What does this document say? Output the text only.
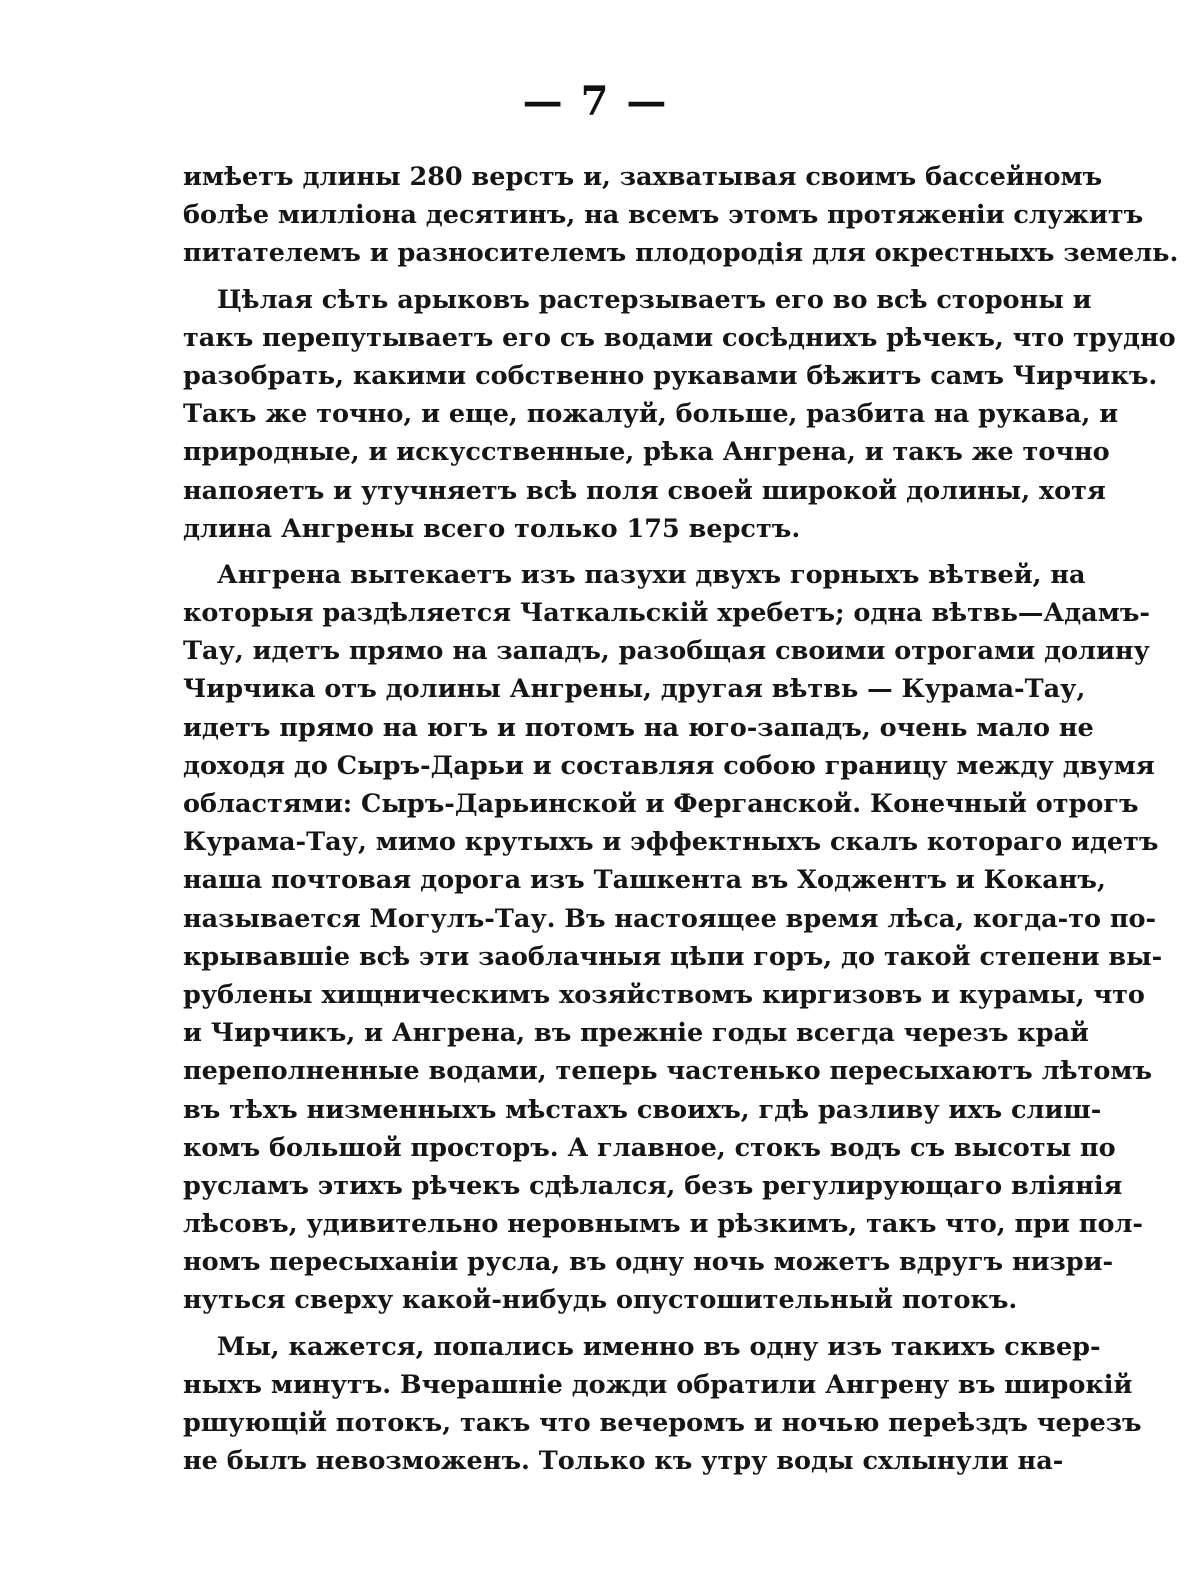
— 7 —
имѣетъ длины 280 верстъ и, захватывая своимъ бассейномъ
болѣе милліона десятинъ, на всемъ этомъ протяженіи служитъ
питателемъ и разносителемъ плодородія для окрестныхъ земель.
Цѣлая сѣть арыковъ растерзываетъ его во всѣ стороны и
такъ перепутываетъ его съ водами сосѣднихъ рѣчекъ, что трудно
разобрать, какими собственно рукавами бѣжитъ самъ Чирчикъ.
Такъ же точно, и еще, пожалуй, больше, разбита на рукава, и
природные, и искусственные, рѣка Ангрена, и такъ же точно
напояетъ и утучняетъ всѣ поля своей широкой долины, хотя
длина Ангрены всего только 175 верстъ.
Ангрена вытекаетъ изъ пазухи двухъ горныхъ вѣтвей, на
которыя раздѣляется Чаткальскій хребетъ; одна вѣтвь—Адамъ-
Тау, идетъ прямо на западъ, разобщая своими отрогами долину
Чирчика отъ долины Ангрены, другая вѣтвь — Курама-Тау,
идетъ прямо на югъ и потомъ на юго-западъ, очень мало не
доходя до Сыръ-Дарьи и составляя собою границу между двумя
областями: Сыръ-Дарьинской и Ферганской. Конечный отрогъ
Курама-Тау, мимо крутыхъ и эффектныхъ скалъ котораго идетъ
наша почтовая дорога изъ Ташкента въ Ходжентъ и Коканъ,
называется Могулъ-Тау. Въ настоящее время лѣса, когда-то по-
крывавшіе всѣ эти заоблачныя цѣпи горъ, до такой степени вы-
рублены хищническимъ хозяйствомъ киргизовъ и курамы, что
и Чирчикъ, и Ангрена, въ прежніе годы всегда черезъ край
переполненные водами, теперь частенько пересыхаютъ лѣтомъ
въ тѣхъ низменныхъ мѣстахъ своихъ, гдѣ разливу ихъ слиш-
комъ большой просторъ. А главное, стокъ водъ съ высоты по
русламъ этихъ рѣчекъ сдѣлался, безъ регулирующаго вліянія
лѣсовъ, удивительно неровнымъ и рѣзкимъ, такъ что, при пол-
номъ пересыханіи русла, въ одну ночь можетъ вдругъ низри-
нуться сверху какой-нибудь опустошительный потокъ.
Мы, кажется, попались именно въ одну изъ такихъ сквер-
ныхъ минутъ. Вчерашніе дожди обратили Ангрену въ широкій
ршующій потокъ, такъ что вечеромъ и ночью переѣздъ черезъ
не былъ невозможенъ. Только къ утру воды схлынули на-
